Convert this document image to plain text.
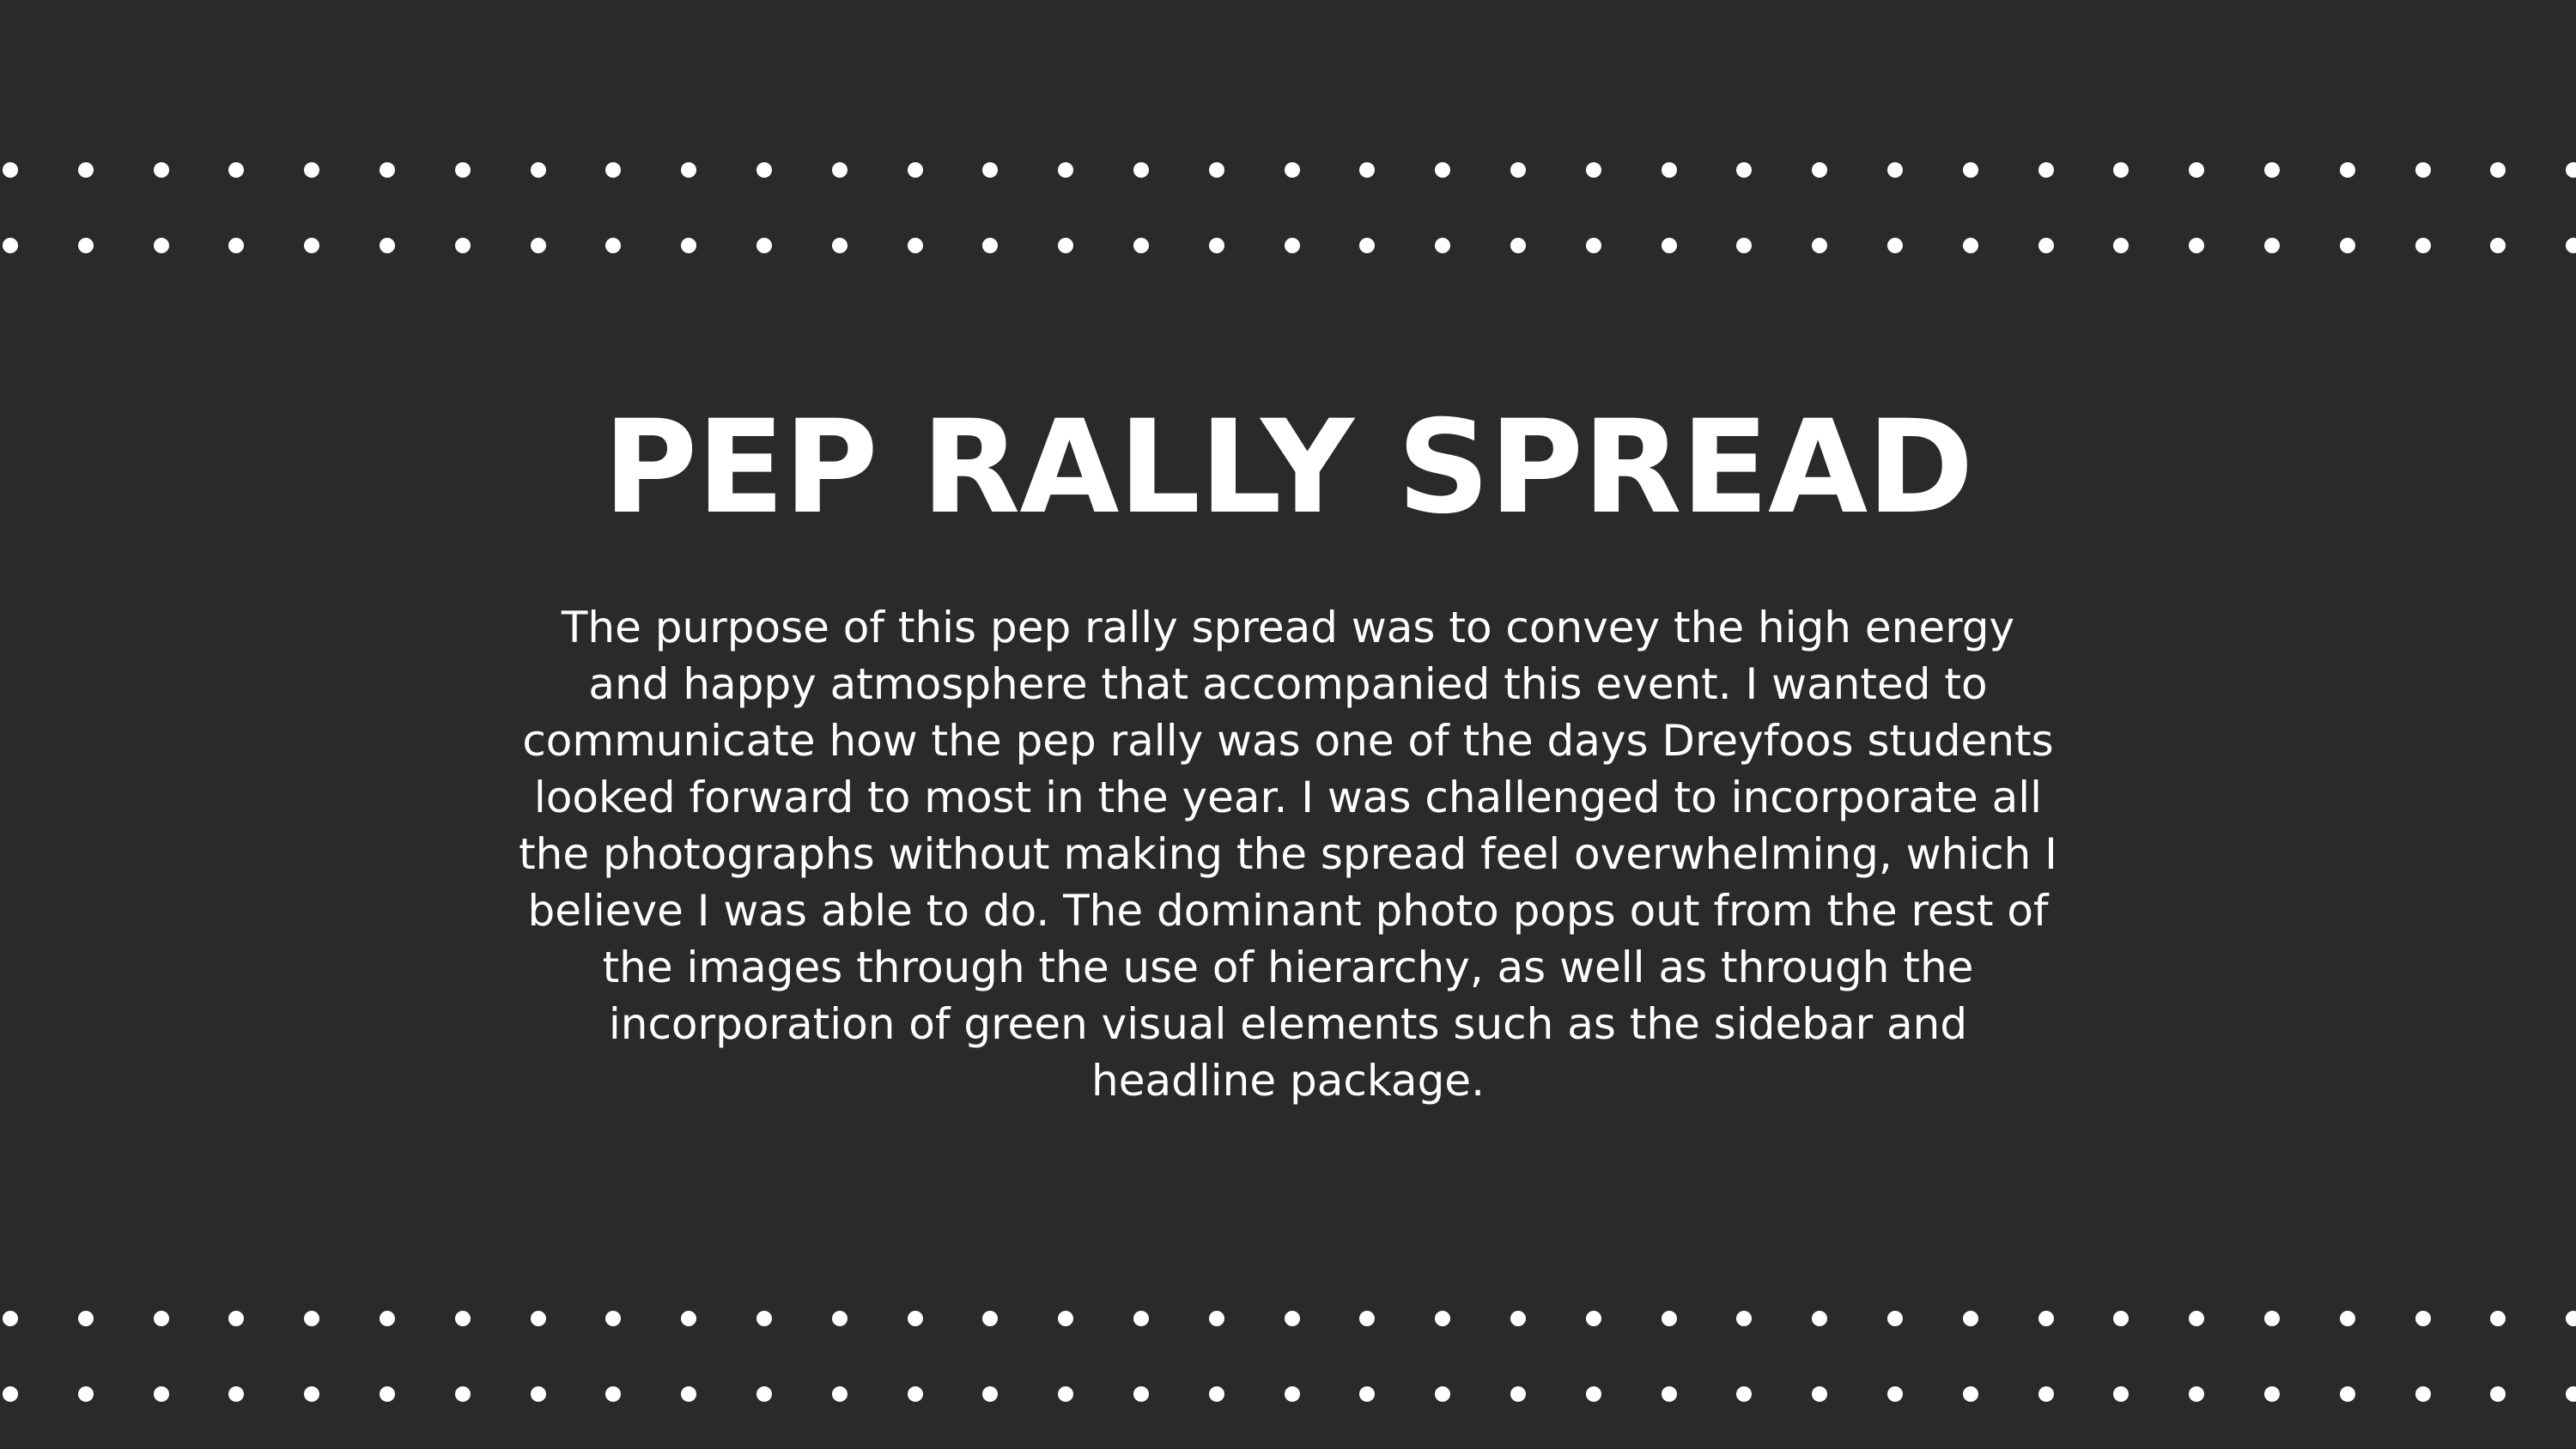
PEP RALLY SPREAD

The purpose of this pep rally spread was to convey the high energy and happy atmosphere that accompanied this event. I wanted to communicate how the pep rally was one of the days Dreyfoos students looked forward to most in the year. I was challenged to incorporate all the photographs without making the spread feel overwhelming, which I believe I was able to do. The dominant photo pops out from the rest of the images through the use of hierarchy, as well as through the incorporation of green visual elements such as the sidebar and headline package.
